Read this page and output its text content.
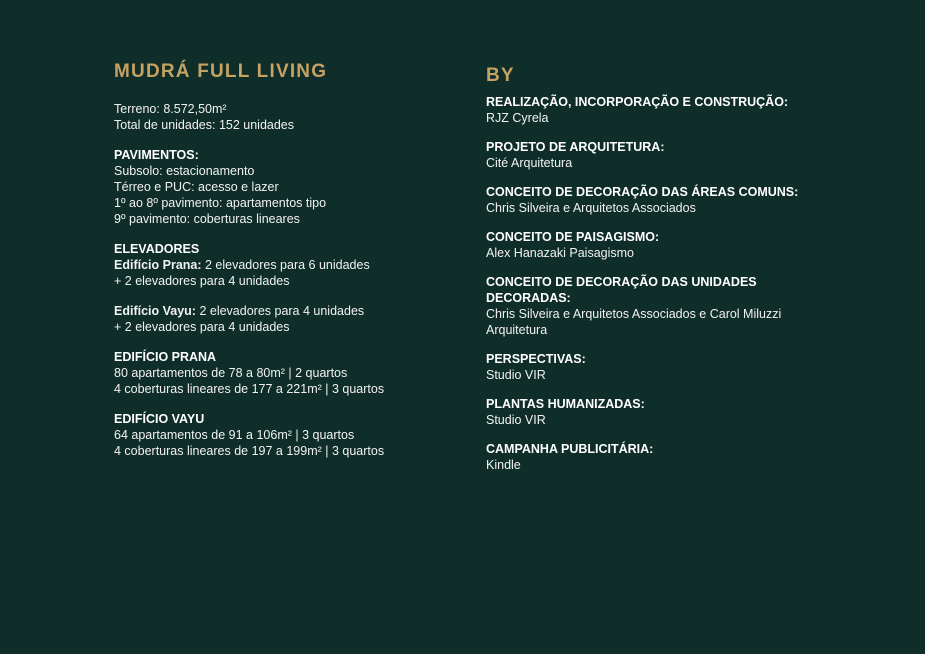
MUDRÁ FULL LIVING
Terreno: 8.572,50m²
Total de unidades: 152 unidades
PAVIMENTOS:
Subsolo: estacionamento
Térreo e PUC: acesso e lazer
1º ao 8º pavimento: apartamentos tipo
9º pavimento: coberturas lineares
ELEVADORES
Edifício Prana: 2 elevadores para 6 unidades
+ 2 elevadores para 4 unidades
Edifício Vayu: 2 elevadores para 4 unidades
+ 2 elevadores para 4 unidades
EDIFÍCIO PRANA
80 apartamentos de 78 a 80m² | 2 quartos
4 coberturas lineares de 177 a 221m² | 3 quartos
EDIFÍCIO VAYU
64 apartamentos de 91 a 106m² | 3 quartos
4 coberturas lineares de 197 a 199m² | 3 quartos
BY
REALIZAÇÃO, INCORPORAÇÃO E CONSTRUÇÃO:
RJZ Cyrela
PROJETO DE ARQUITETURA:
Cité Arquitetura
CONCEITO DE DECORAÇÃO DAS ÁREAS COMUNS:
Chris Silveira e Arquitetos Associados
CONCEITO DE PAISAGISMO:
Alex Hanazaki Paisagismo
CONCEITO DE DECORAÇÃO DAS UNIDADES DECORADAS:
Chris Silveira e Arquitetos Associados e Carol Miluzzi Arquitetura
PERSPECTIVAS:
Studio VIR
PLANTAS HUMANIZADAS:
Studio VIR
CAMPANHA PUBLICITÁRIA:
Kindle
